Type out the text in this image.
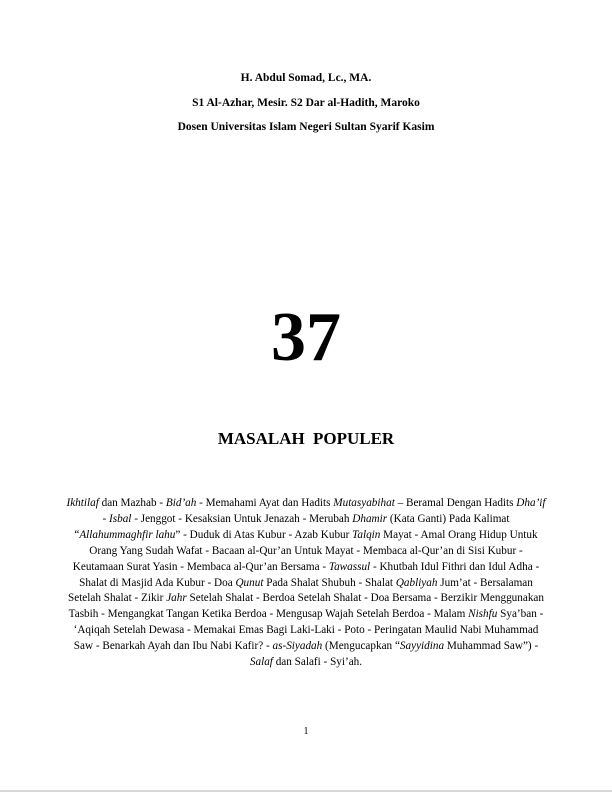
H. Abdul Somad, Lc., MA.
S1 Al-Azhar, Mesir. S2 Dar al-Hadith, Maroko
Dosen Universitas Islam Negeri Sultan Syarif Kasim
37
MASALAH POPULER
Ikhtilaf dan Mazhab - Bid’ah - Memahami Ayat dan Hadits Mutasyabihat – Beramal Dengan Hadits Dha’if - Isbal - Jenggot - Kesaksian Untuk Jenazah - Merubah Dhamir (Kata Ganti) Pada Kalimat “Allahummaghfir lahu” - Duduk di Atas Kubur - Azab Kubur Talqin Mayat - Amal Orang Hidup Untuk Orang Yang Sudah Wafat - Bacaan al-Qur’an Untuk Mayat - Membaca al-Qur’an di Sisi Kubur - Keutamaan Surat Yasin - Membaca al-Qur’an Bersama - Tawassul - Khutbah Idul Fithri dan Idul Adha - Shalat di Masjid Ada Kubur - Doa Qunut Pada Shalat Shubuh - Shalat Qabliyah Jum’at - Bersalaman Setelah Shalat - Zikir Jahr Setelah Shalat - Berdoa Setelah Shalat - Doa Bersama - Berzikir Menggunakan Tasbih - Mengangkat Tangan Ketika Berdoa - Mengusap Wajah Setelah Berdoa - Malam Nishfu Sya’ban - ‘Aqiqah Setelah Dewasa - Memakai Emas Bagi Laki-Laki - Poto - Peringatan Maulid Nabi Muhammad Saw - Benarkah Ayah dan Ibu Nabi Kafir? - as-Siyadah (Mengucapkan “Sayyidina Muhammad Saw”) - Salaf dan Salafi - Syi’ah.
1
